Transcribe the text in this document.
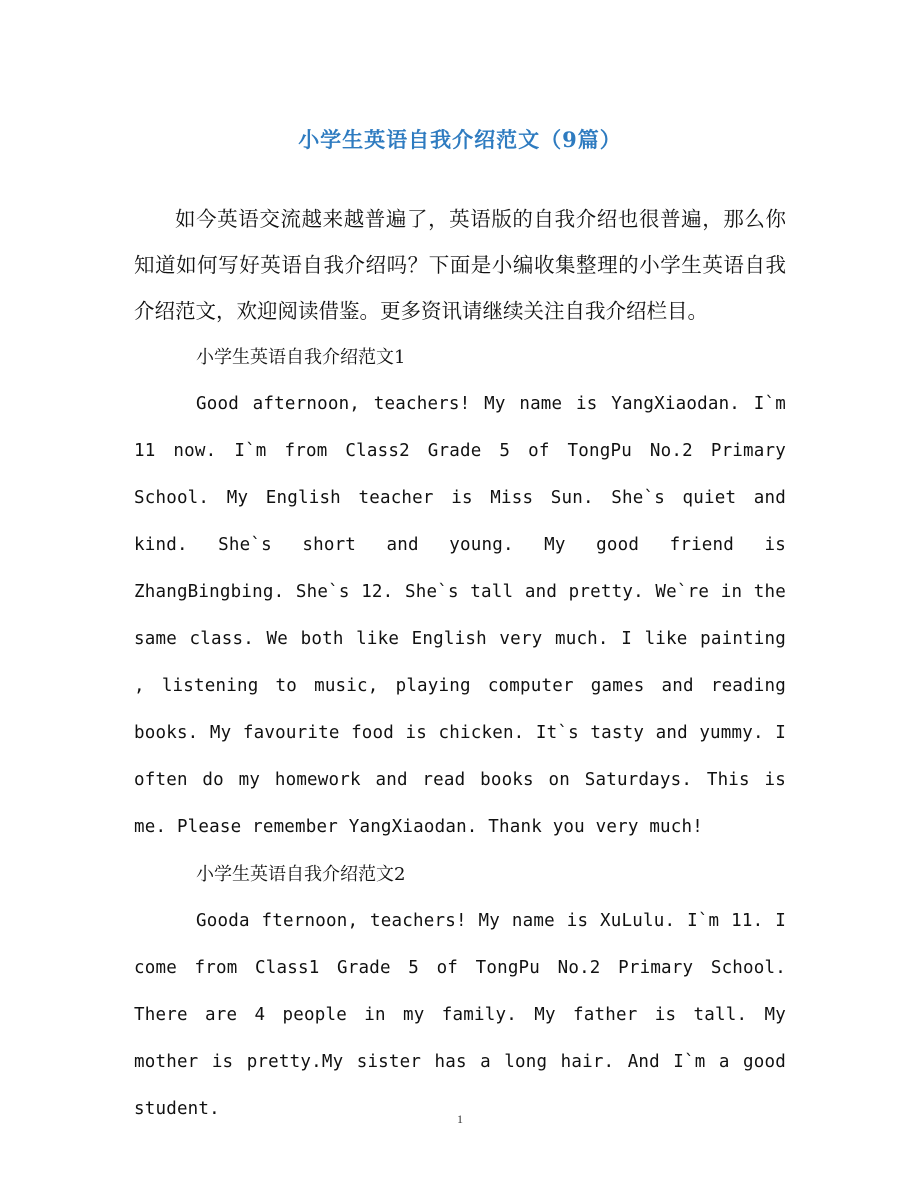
小学生英语自我介绍范文（9篇）

如今英语交流越来越普遍了，英语版的自我介绍也很普遍，那么你知道如何写好英语自我介绍吗？下面是小编收集整理的小学生英语自我介绍范文，欢迎阅读借鉴。更多资讯请继续关注自我介绍栏目。

小学生英语自我介绍范文1

Good afternoon, teachers! My name is YangXiaodan. I`m 11 now. I`m from Class2 Grade 5 of TongPu No.2 Primary School. My English teacher is Miss Sun. She`s quiet and kind. She`s short and young. My good friend is ZhangBingbing. She`s 12. She`s tall and pretty. We`re in the same class. We both like English very much. I like painting , listening to music, playing computer games and reading books. My favourite food is chicken. It`s tasty and yummy. I often do my homework and read books on Saturdays. This is me. Please remember YangXiaodan. Thank you very much!

小学生英语自我介绍范文2

Gooda fternoon, teachers! My name is XuLulu. I`m 11. I come from Class1 Grade 5 of TongPu No.2 Primary School. There are 4 people in my family. My father is tall. My mother is pretty.My sister has a long hair. And I`m a good student.	1
